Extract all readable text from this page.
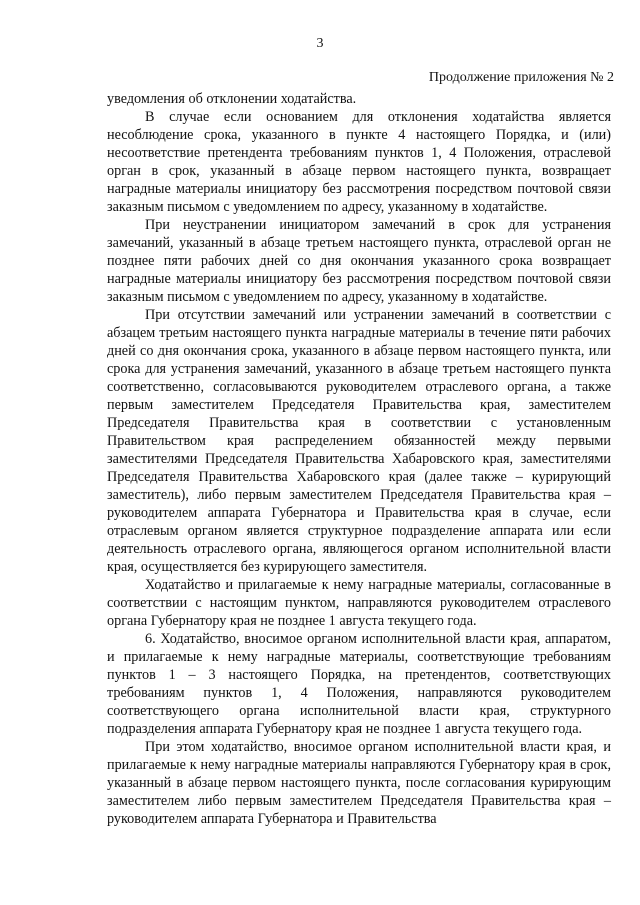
3
Продолжение приложения № 2

уведомления об отклонении ходатайства.

В случае если основанием для отклонения ходатайства является несоблюдение срока, указанного в пункте 4 настоящего Порядка, и (или) несоответствие претендента требованиям пунктов 1, 4 Положения, отраслевой орган в срок, указанный в абзаце первом настоящего пункта, возвращает наградные материалы инициатору без рассмотрения посредством почтовой связи заказным письмом с уведомлением по адресу, указанному в ходатайстве.

При неустранении инициатором замечаний в срок для устранения замечаний, указанный в абзаце третьем настоящего пункта, отраслевой орган не позднее пяти рабочих дней со дня окончания указанного срока возвращает наградные материалы инициатору без рассмотрения посредством почтовой связи заказным письмом с уведомлением по адресу, указанному в ходатайстве.

При отсутствии замечаний или устранении замечаний в соответствии с абзацем третьим настоящего пункта наградные материалы в течение пяти рабочих дней со дня окончания срока, указанного в абзаце первом настоящего пункта, или срока для устранения замечаний, указанного в абзаце третьем настоящего пункта соответственно, согласовываются руководителем отраслевого органа, а также первым заместителем Председателя Правительства края, заместителем Председателя Правительства края в соответствии с установленным Правительством края распределением обязанностей между первыми заместителями Председателя Правительства Хабаровского края, заместителями Председателя Правительства Хабаровского края (далее также – курирующий заместитель), либо первым заместителем Председателя Правительства края – руководителем аппарата Губернатора и Правительства края в случае, если отраслевым органом является структурное подразделение аппарата или если деятельность отраслевого органа, являющегося органом исполнительной власти края, осуществляется без курирующего заместителя.

Ходатайство и прилагаемые к нему наградные материалы, согласованные в соответствии с настоящим пунктом, направляются руководителем отраслевого органа Губернатору края не позднее 1 августа текущего года.

6. Ходатайство, вносимое органом исполнительной власти края, аппаратом, и прилагаемые к нему наградные материалы, соответствующие требованиям пунктов 1 – 3 настоящего Порядка, на претендентов, соответствующих требованиям пунктов 1, 4 Положения, направляются руководителем соответствующего органа исполнительной власти края, структурного подразделения аппарата Губернатору края не позднее 1 августа текущего года.

При этом ходатайство, вносимое органом исполнительной власти края, и прилагаемые к нему наградные материалы направляются Губернатору края в срок, указанный в абзаце первом настоящего пункта, после согласования курирующим заместителем либо первым заместителем Председателя Правительства края – руководителем аппарата Губернатора и Правительства
